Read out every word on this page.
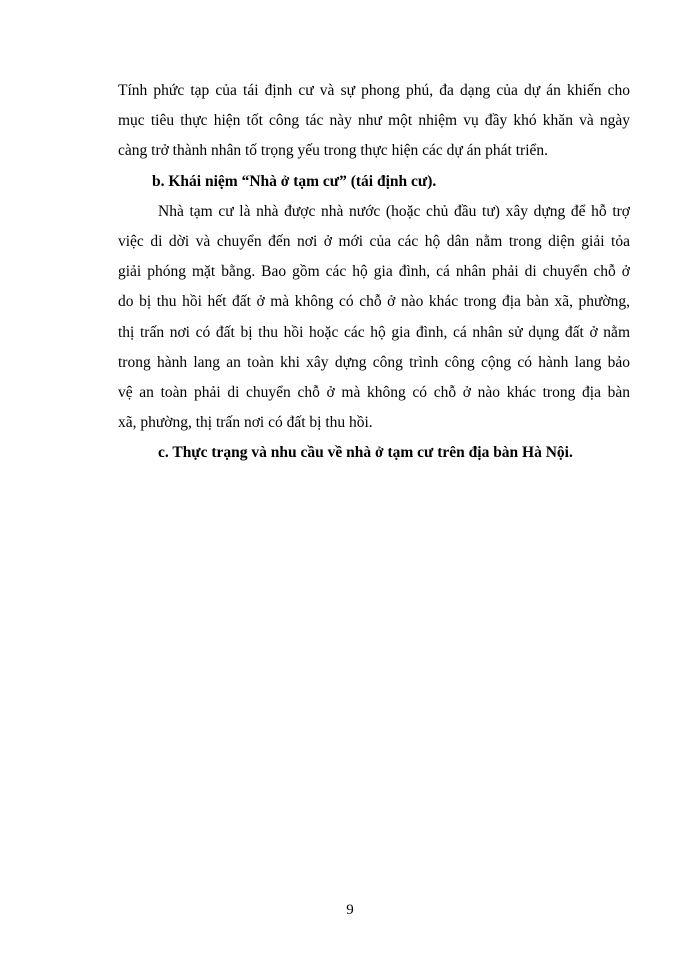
Tính phức tạp của tái định cư và sự phong phú, đa dạng của dự án khiến cho
mục tiêu thực hiện tốt công tác này như một nhiệm vụ đầy khó khăn và ngày
càng trở thành nhân tố trọng yếu trong thực hiện các dự án phát triển.
b. Khái niệm “Nhà ở tạm cư” (tái định cư).
Nhà tạm cư là nhà được nhà nước (hoặc chủ đầu tư) xây dựng để hỗ trợ
việc di dời và chuyển đến nơi ở mới của các hộ dân nằm trong diện giải tỏa
giải phóng mặt bằng. Bao gồm các hộ gia đình, cá nhân phải di chuyển chỗ ở
do bị thu hồi hết đất ở mà không có chỗ ở nào khác trong địa bàn xã, phường,
thị trấn nơi có đất bị thu hồi hoặc các hộ gia đình, cá nhân sử dụng đất ở nằm
trong hành lang an toàn khi xây dựng công trình công cộng có hành lang bảo
vệ an toàn phải di chuyển chỗ ở mà không có chỗ ở nào khác trong địa bàn
xã, phường, thị trấn nơi có đất bị thu hồi.
c. Thực trạng và nhu cầu về nhà ở tạm cư trên địa bàn Hà Nội.
9
